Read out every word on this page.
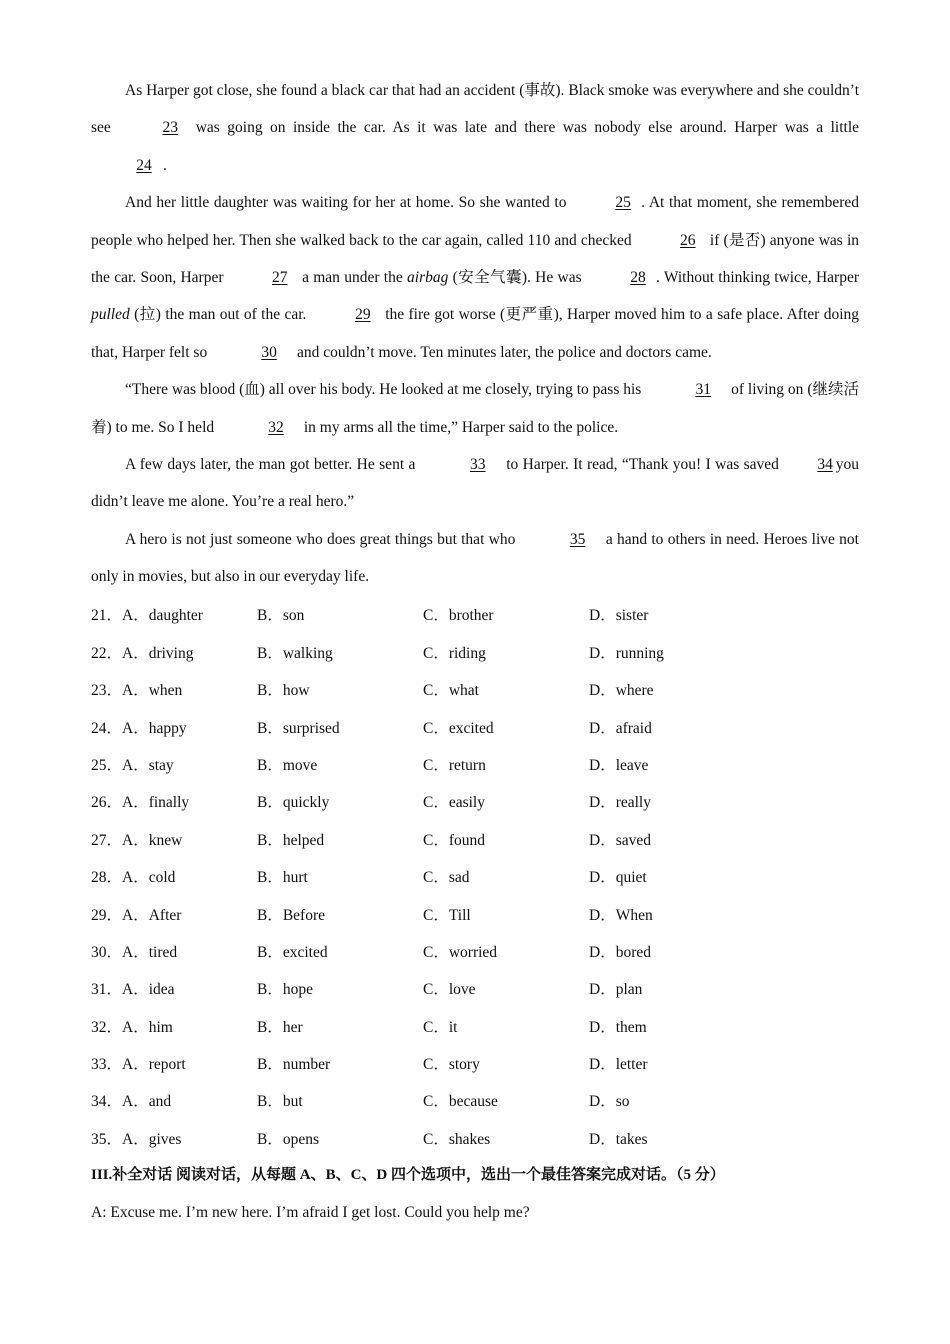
As Harper got close, she found a black car that had an accident (事故). Black smoke was everywhere and she couldn’t see	23 was going on inside the car. As it was late and there was nobody else around. Harper was a little 24 .

And her little daughter was waiting for her at home. So she wanted to	25 . At that moment, she remembered people who helped her. Then she walked back to the car again, called 110 and checked	26 if (是否) anyone was in the car. Soon, Harper	27 a man under the airbag (安全气囊). He was	28 . Without thinking twice, Harper pulled (拉) the man out of the car.	29 the fire got worse (更严重), Harper moved him to a safe place. After doing that, Harper felt so	30 and couldn’t move. Ten minutes later, the police and doctors came.

“There was blood (血) all over his body. He looked at me closely, trying to pass his	31 of living on (继续活着) to me. So I held	32 in my arms all the time,” Harper said to the police.

A few days later, the man got better. He sent a	33 to Harper. It read, “Thank you! I was saved 34 you didn’t leave me alone. You’re a real hero.”

A hero is not just someone who does great things but that who	35 a hand to others in need. Heroes live not only in movies, but also in our everyday life.

21．A．daughter	B．son	C．brother	D．sister
22．A．driving	B．walking	C．riding	D．running
23．A．when	B．how	C．what	D．where
24．A．happy	B．surprised	C．excited	D．afraid
25．A．stay	B．move	C．return	D．leave
26．A．finally	B．quickly	C．easily	D．really
27．A．knew	B．helped	C．found	D．saved
28．A．cold	B．hurt	C．sad	D．quiet
29．A．After	B．Before	C．Till	D．When
30．A．tired	B．excited	C．worried	D．bored
31．A．idea	B．hope	C．love	D．plan
32．A．him	B．her	C．it	D．them
33．A．report	B．number	C．story	D．letter
34．A．and	B．but	C．because	D．so
35．A．gives	B．opens	C．shakes	D．takes

III.补全对话 阅读对话，从每题 A、B、C、D 四个选项中，选出一个最佳答案完成对话。（5 分）

A: Excuse me. I’m new here. I’m afraid I get lost. Could you help me?
